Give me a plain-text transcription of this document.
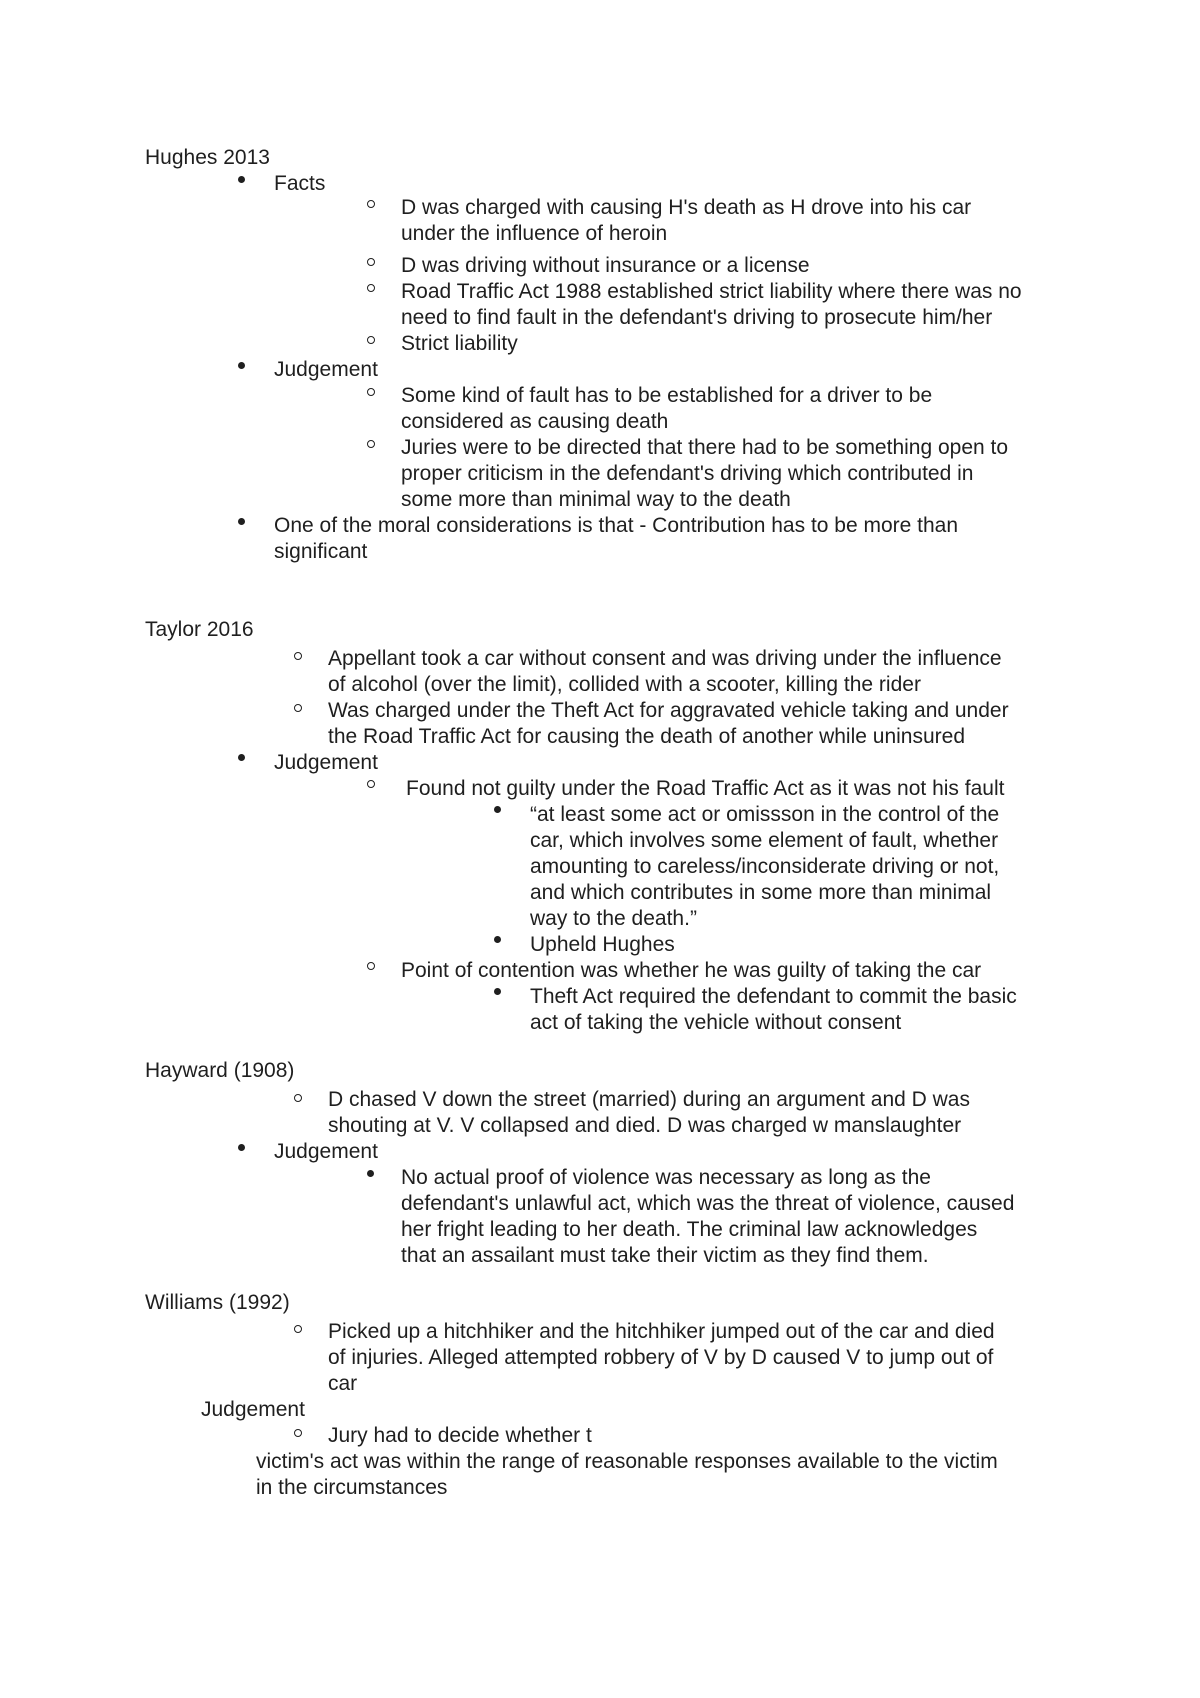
Hughes 2013
Facts
D was charged with causing H's death as H drove into his car
under the influence of heroin
D was driving without insurance or a license
Road Traffic Act 1988 established strict liability where there was no
need to find fault in the defendant's driving to prosecute him/her
Strict liability
Judgement
Some kind of fault has to be established for a driver to be
considered as causing death
Juries were to be directed that there had to be something open to
proper criticism in the defendant's driving which contributed in
some more than minimal way to the death
One of the moral considerations is that - Contribution has to be more than
significant
Taylor 2016
Appellant took a car without consent and was driving under the influence
of alcohol (over the limit), collided with a scooter, killing the rider
Was charged under the Theft Act for aggravated vehicle taking and under
the Road Traffic Act for causing the death of another while uninsured
Judgement
Found not guilty under the Road Traffic Act as it was not his fault
“at least some act or omissson in the control of the
car, which involves some element of fault, whether
amounting to careless/inconsiderate driving or not,
and which contributes in some more than minimal
way to the death.”
Upheld Hughes
Point of contention was whether he was guilty of taking the car
Theft Act required the defendant to commit the basic
act of taking the vehicle without consent
Hayward (1908)
D chased V down the street (married) during an argument and D was
shouting at V. V collapsed and died. D was charged w manslaughter
Judgement
No actual proof of violence was necessary as long as the
defendant's unlawful act, which was the threat of violence, caused
her fright leading to her death. The criminal law acknowledges
that an assailant must take their victim as they find them.
Williams (1992)
Picked up a hitchhiker and the hitchhiker jumped out of the car and died
of injuries. Alleged attempted robbery of V by D caused V to jump out of
car
Judgement
Jury had to decide whether t
victim's act was within the range of reasonable responses available to the victim
in the circumstances
